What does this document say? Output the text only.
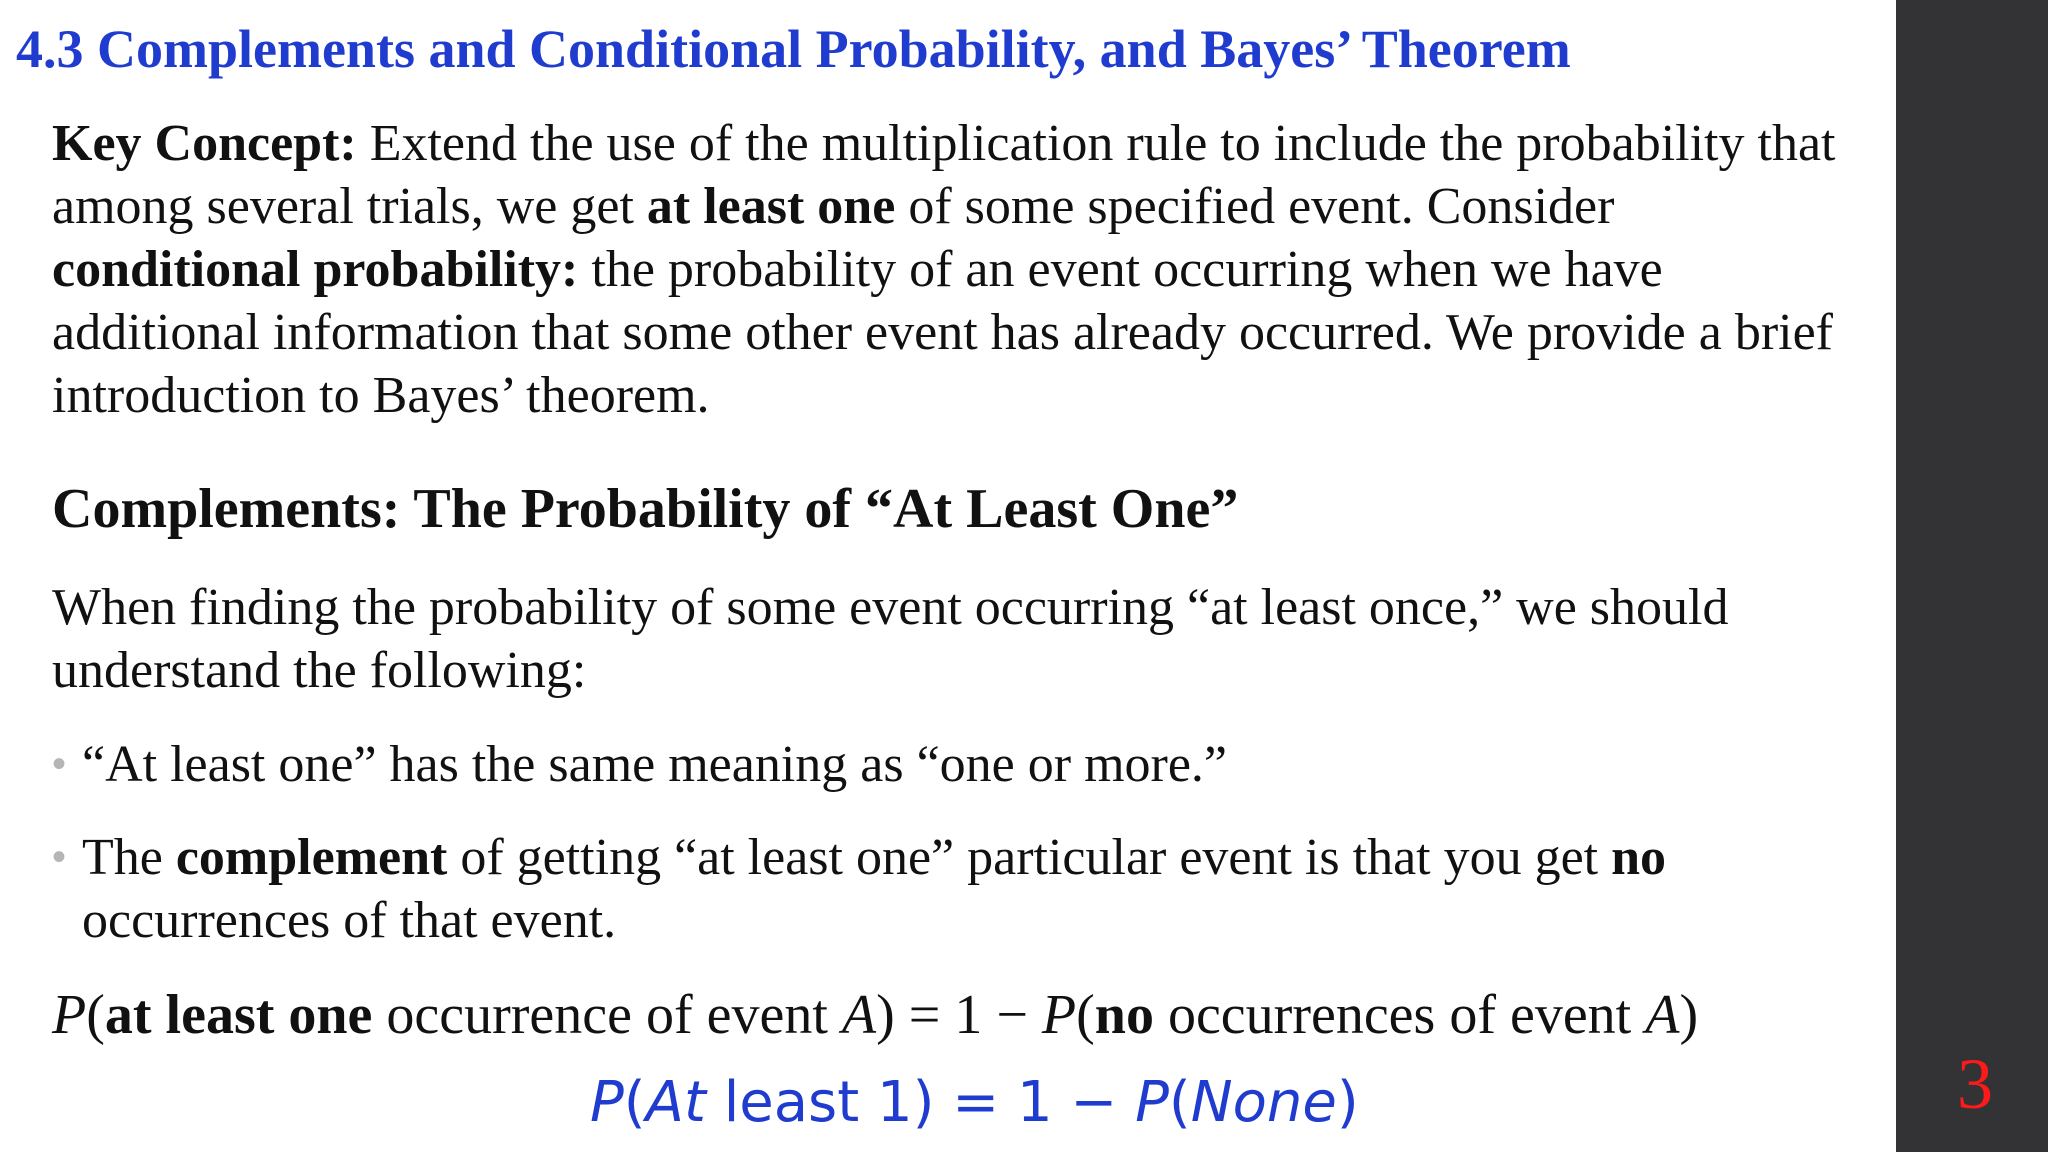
4.3 Complements and Conditional Probability, and Bayes’ Theorem
Key Concept: Extend the use of the multiplication rule to include the probability that among several trials, we get at least one of some specified event. Consider conditional probability: the probability of an event occurring when we have additional information that some other event has already occurred. We provide a brief introduction to Bayes’ theorem.
Complements: The Probability of “At Least One”
When finding the probability of some event occurring “at least once,” we should understand the following:
• “At least one” has the same meaning as “one or more.”
• The complement of getting “at least one” particular event is that you get no occurrences of that event.
P(at least one occurrence of event A) = 1 − P(no occurrences of event A)
P(At least 1) = 1 − P(None)	3
